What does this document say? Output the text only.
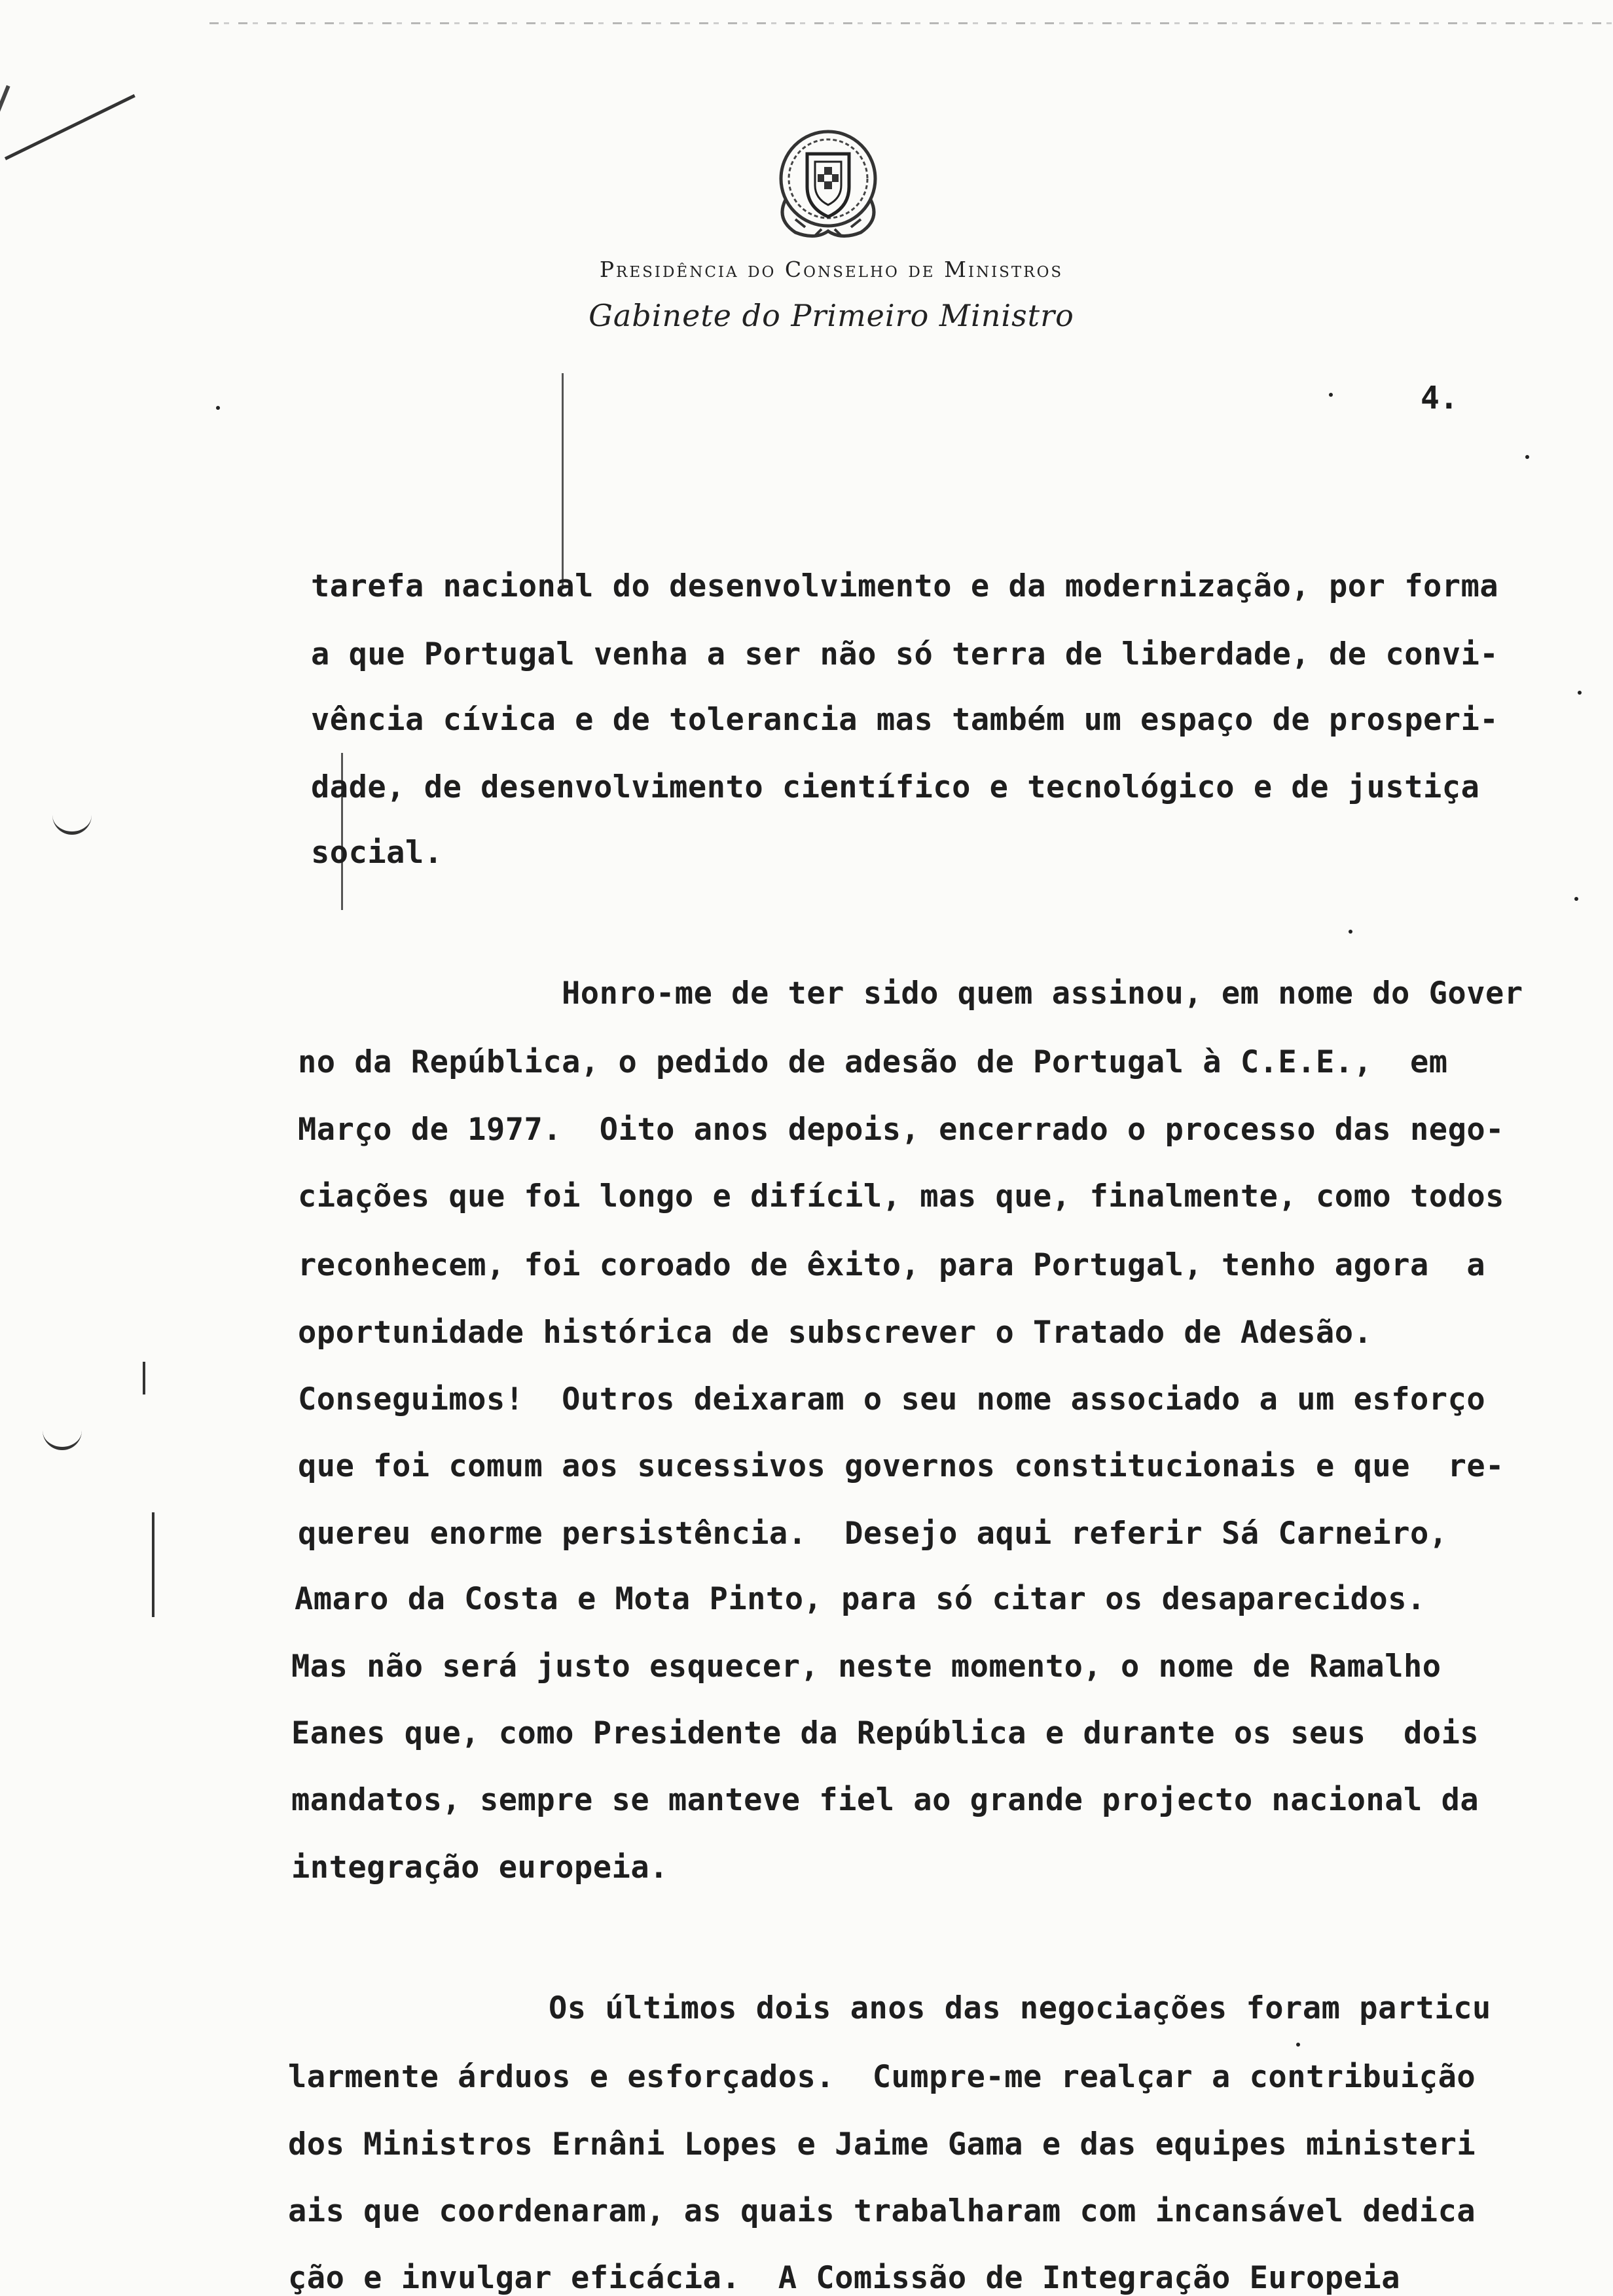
Presidência do Conselho de Ministros
Gabinete do Primeiro Ministro
4.
tarefa nacional do desenvolvimento e da modernização, por forma
a que Portugal venha a ser não só terra de liberdade, de convi-
vência cívica e de tolerancia mas também um espaço de prosperi-
dade, de desenvolvimento científico e tecnológico e de justiça
social.
Honro-me de ter sido quem assinou, em nome do Gover
no da República, o pedido de adesão de Portugal à C.E.E.,  em
Março de 1977.  Oito anos depois, encerrado o processo das nego-
ciações que foi longo e difícil, mas que, finalmente, como todos
reconhecem, foi coroado de êxito, para Portugal, tenho agora  a
oportunidade histórica de subscrever o Tratado de Adesão.
Conseguimos!  Outros deixaram o seu nome associado a um esforço
que foi comum aos sucessivos governos constitucionais e que  re-
quereu enorme persistência.  Desejo aqui referir Sá Carneiro,
Amaro da Costa e Mota Pinto, para só citar os desaparecidos.
Mas não será justo esquecer, neste momento, o nome de Ramalho
Eanes que, como Presidente da República e durante os seus  dois
mandatos, sempre se manteve fiel ao grande projecto nacional da
integração europeia.
Os últimos dois anos das negociações foram particu
larmente árduos e esforçados.  Cumpre-me realçar a contribuição
dos Ministros Ernâni Lopes e Jaime Gama e das equipes ministeri
ais que coordenaram, as quais trabalharam com incansável dedica
ção e invulgar eficácia.  A Comissão de Integração Europeia
